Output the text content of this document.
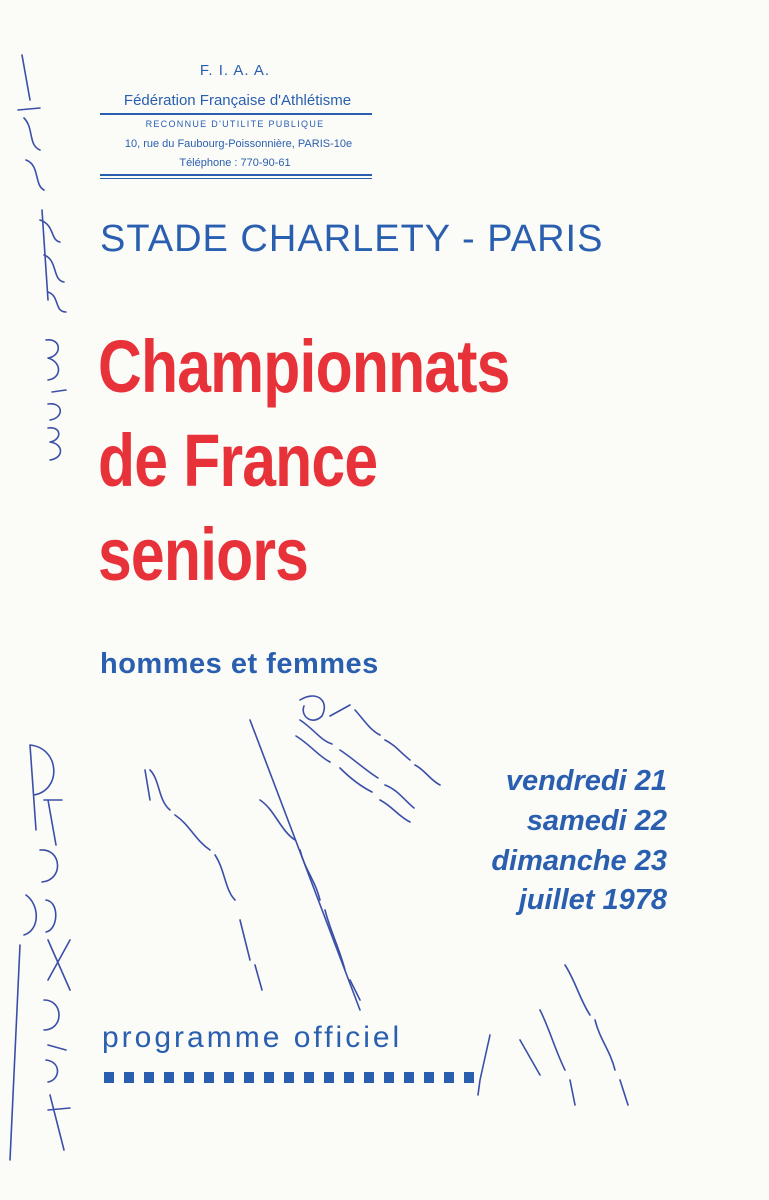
F. I. A. A.
Fédération Française d'Athlétisme
RECONNUE D'UTILITE PUBLIQUE
10, rue du Faubourg-Poissonnière, PARIS-10e
Téléphone : 770-90-61
STADE CHARLETY - PARIS
Championnats
de France
seniors
hommes et femmes
vendredi 21
samedi 22
dimanche 23
juillet 1978
programme officiel
